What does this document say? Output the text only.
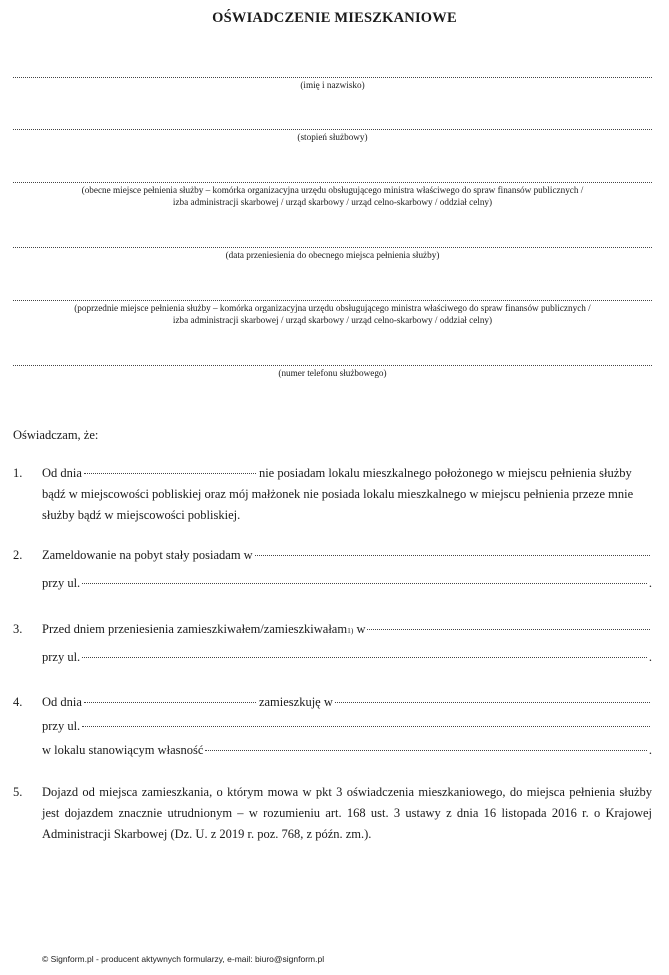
OŚWIADCZENIE MIESZKANIOWE
(imię i nazwisko)
(stopień służbowy)
(obecne miejsce pełnienia służby – komórka organizacyjna urzędu obsługującego ministra właściwego do spraw finansów publicznych /
izba administracji skarbowej / urząd skarbowy / urząd celno-skarbowy / oddział celny)
(data przeniesienia do obecnego miejsca pełnienia służby)
(poprzednie miejsce pełnienia służby – komórka organizacyjna urzędu obsługującego ministra właściwego do spraw finansów publicznych /
izba administracji skarbowej / urząd skarbowy / urząd celno-skarbowy / oddział celny)
(numer telefonu służbowego)
Oświadczam, że:
1. Od dnia	nie posiadam lokalu mieszkalnego położonego w miejscu pełnienia służby
bądź w miejscowości pobliskiej oraz mój małżonek nie posiada lokalu mieszkalnego w miejscu pełnienia przeze mnie
służby bądź w miejscowości pobliskiej.
2. Zameldowanie na pobyt stały posiadam w
przy ul.	.
3. Przed dniem przeniesienia zamieszkiwałem/zamieszkiwałam 1)
w
przy ul.	.
4. Od dnia	zamieszkuję w
przy ul.
w lokalu stanowiącym własność	.
5. Dojazd od miejsca zamieszkania, o którym mowa w pkt 3 oświadczenia mieszkaniowego, do miejsca pełnienia służby jest dojazdem znacznie utrudnionym – w rozumieniu art. 168 ust. 3 ustawy z dnia 16 listopada 2016 r. o Krajowej Administracji Skarbowej (Dz. U. z 2019 r. poz. 768, z późn. zm.).
© Signform.pl - producent aktywnych formularzy, e-mail: biuro@signform.pl
